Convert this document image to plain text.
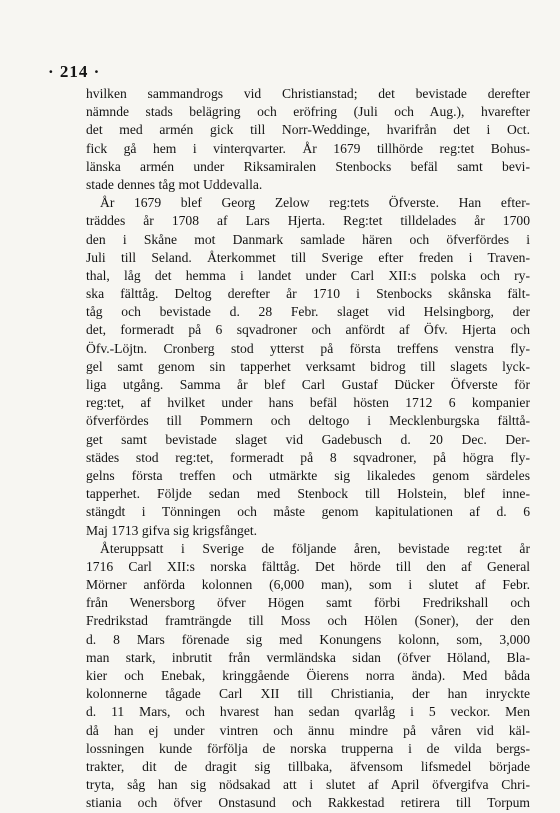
· 214 ·
hvilken sammandrogs vid Christianstad; det bevistade derefter
nämnde stads belägring och eröfring (Juli och Aug.), hvarefter
det med armén gick till Norr-Weddinge, hvarifrån det i Oct.
fick gå hem i vinterqvarter. År 1679 tillhörde reg:tet Bohus-
länska armén under Riksamiralen Stenbocks befäl samt bevi-
stade dennes tåg mot Uddevalla.
År 1679 blef Georg Zelow reg:tets Öfverste. Han efter-
träddes år 1708 af Lars Hjerta. Reg:tet tilldelades år 1700
den i Skåne mot Danmark samlade hären och öfverfördes i
Juli till Seland. Återkommet till Sverige efter freden i Traven-
thal, låg det hemma i landet under Carl XII:s polska och ry-
ska fälttåg. Deltog derefter år 1710 i Stenbocks skånska fält-
tåg och bevistade d. 28 Febr. slaget vid Helsingborg, der
det, formeradt på 6 sqvadroner och anfördt af Öfv. Hjerta och
Öfv.-Löjtn. Cronberg stod ytterst på första treffens venstra fly-
gel samt genom sin tapperhet verksamt bidrog till slagets lyck-
liga utgång. Samma år blef Carl Gustaf Dücker Öfverste för
reg:tet, af hvilket under hans befäl hösten 1712 6 kompanier
öfverfördes till Pommern och deltogo i Mecklenburgska fälttå-
get samt bevistade slaget vid Gadebusch d. 20 Dec. Der-
städes stod reg:tet, formeradt på 8 sqvadroner, på högra fly-
gelns första treffen och utmärkte sig likaledes genom särdeles
tapperhet. Följde sedan med Stenbock till Holstein, blef inne-
stängdt i Tönningen och måste genom kapitulationen af d. 6
Maj 1713 gifva sig krigsfånget.
Återuppsatt i Sverige de följande åren, bevistade reg:tet år
1716 Carl XII:s norska fälttåg. Det hörde till den af General
Mörner anförda kolonnen (6,000 man), som i slutet af Febr.
från Wenersborg öfver Högen samt förbi Fredrikshall och
Fredrikstad framträngde till Moss och Hölen (Soner), der den
d. 8 Mars förenade sig med Konungens kolonn, som, 3,000
man stark, inbrutit från vermländska sidan (öfver Höland, Bla-
kier och Enebak, kringgående Öierens norra ända). Med båda
kolonnerne tågade Carl XII till Christiania, der han inryckte
d. 11 Mars, och hvarest han sedan qvarlåg i 5 veckor. Men
då han ej under vintren och ännu mindre på våren vid käl-
lossningen kunde förfölja de norska trupperna i de vilda bergs-
trakter, dit de dragit sig tillbaka, äfvensom lifsmedel började
tryta, såg han sig nödsakad att i slutet af April öfvergifva Chri-
stiania och öfver Onstasund och Rakkestad retirera till Torpum
